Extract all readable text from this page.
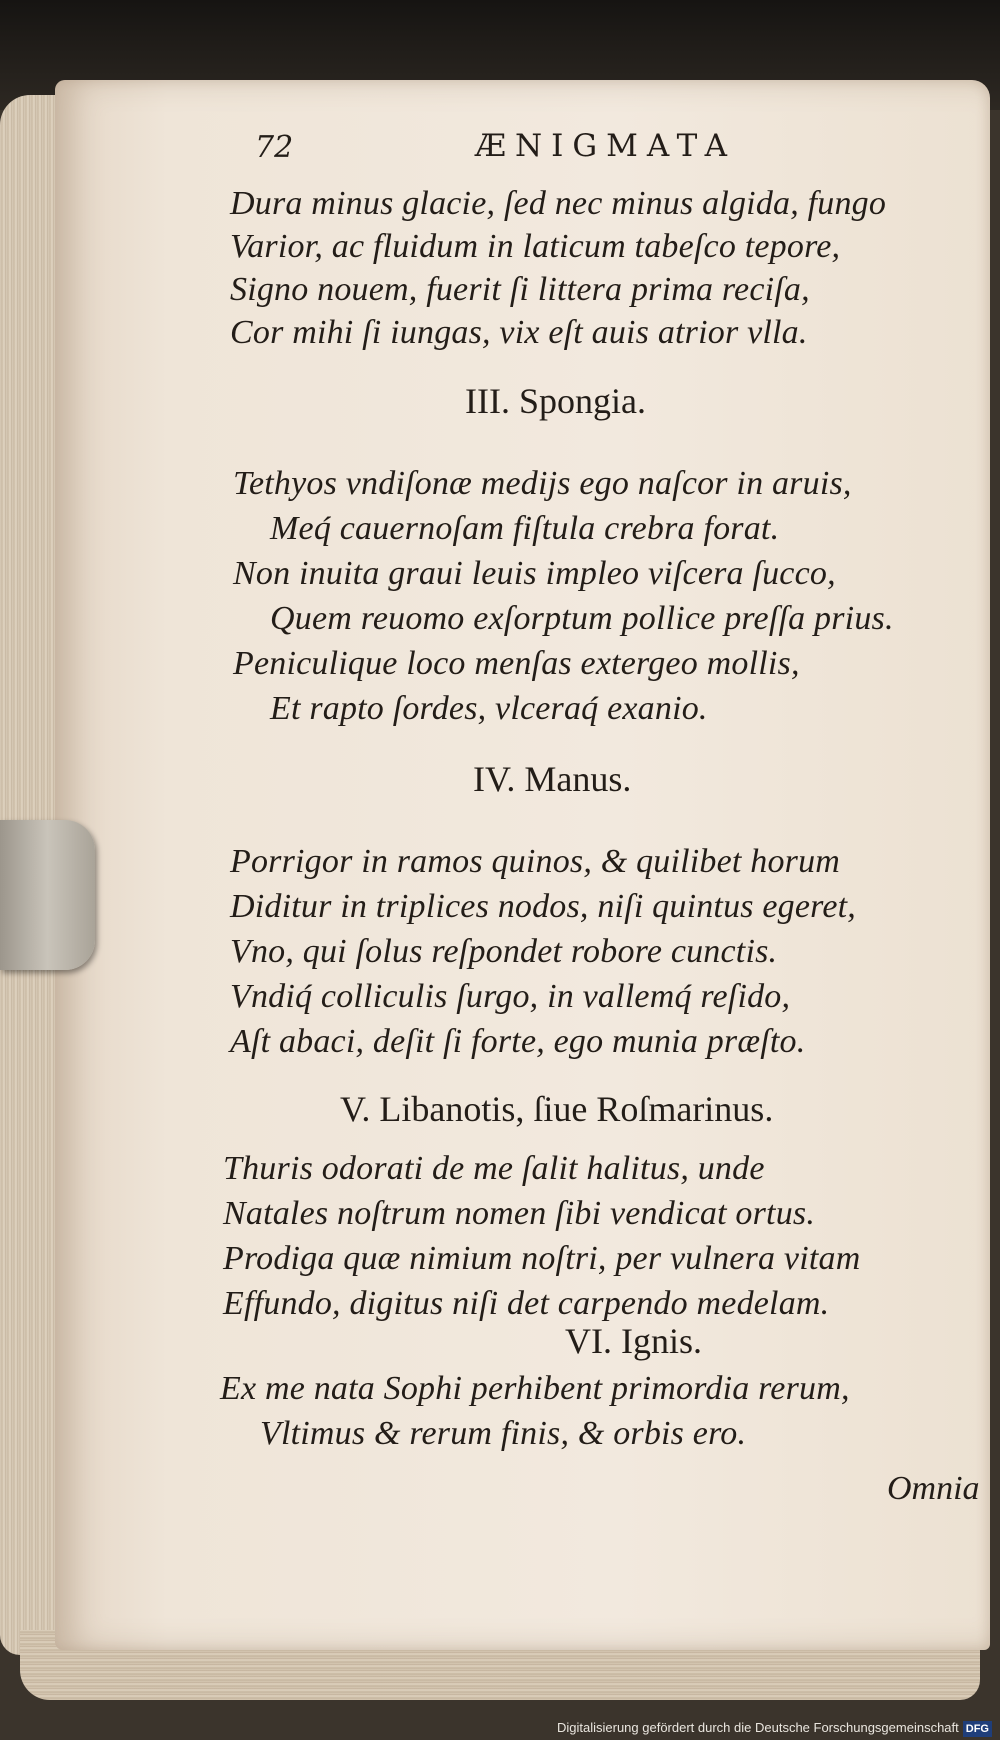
72	ÆNIGMATA
Dura minus glacie, ſed nec minus algida, fungo
Varior, ac fluidum in laticum tabeſco tepore,
Signo nouem, fuerit ſi littera prima reciſa,
Cor mihi ſi iungas, vix eſt auis atrior vlla.
III. Spongia.
Tethyos vndiſonæ medijs ego naſcor in aruis,
Meq́ cauernoſam fiſtula crebra forat.
Non inuita graui leuis impleo viſcera ſucco,
Quem reuomo exſorptum pollice preſſa prius.
Peniculique loco menſas extergeo mollis,
Et rapto ſordes, vlceraq́ exanio.
IV. Manus.
Porrigor in ramos quinos, & quilibet horum
Diditur in triplices nodos, niſi quintus egeret,
Vno, qui ſolus reſpondet robore cunctis.
Vndiq́ colliculis ſurgo, in vallemq́ reſido,
Aſt abaci, deſit ſi forte, ego munia præſto.
V. Libanotis, ſiue Roſmarinus.
Thuris odorati de me ſalit halitus, unde
Natales noſtrum nomen ſibi vendicat ortus.
Prodiga quæ nimium noſtri, per vulnera vitam
Effundo, digitus niſi det carpendo medelam.
VI. Ignis.
Ex me nata Sophi perhibent primordia rerum,
Vltimus & rerum finis, & orbis ero.
Omnia
Digitalisierung gefördert durch die Deutsche Forschungsgemeinschaft DFG
